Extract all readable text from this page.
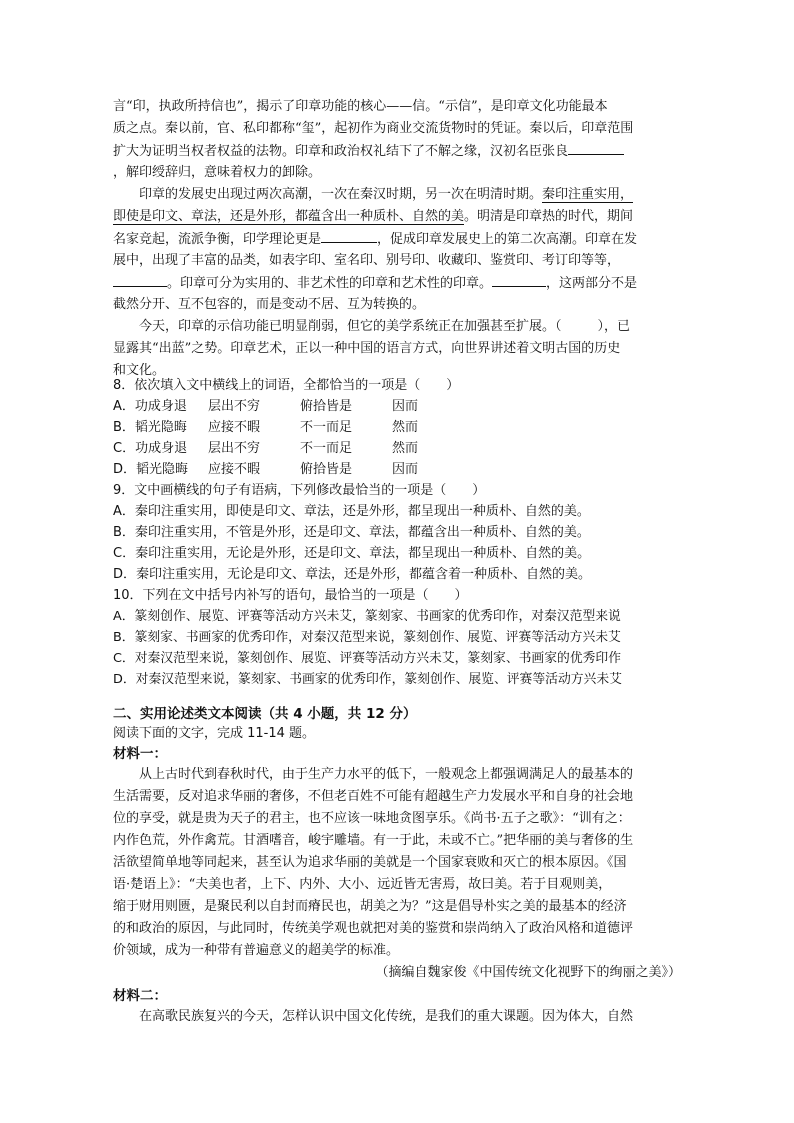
言“印，执政所持信也”，揭示了印章功能的核心——信。“示信”，是印章文化功能最本

质之点。秦以前，官、私印都称“玺”，起初作为商业交流货物时的凭证。秦以后，印章范围

扩大为证明当权者权益的法物。印章和政治权礼结下了不解之缘，汉初名臣张良

，解印绶辞归，意味着权力的卸除。

印章的发展史出现过两次高潮，一次在秦汉时期，另一次在明清时期。秦印注重实用，

即使是印文、章法，还是外形，都蕴含出一种质朴、自然的美。明清是印章热的时代，期间

名家竞起，流派争衡，印学理论更是	，促成印章发展史上的第二次高潮。印章在发

展中，出现了丰富的品类，如表字印、室名印、别号印、收藏印、鉴赏印、考订印等等，

。印章可分为实用的、非艺术性的印章和艺术性的印章。	，这两部分不是

截然分开、互不包容的，而是变动不居、互为转换的。

今天，印章的示信功能已明显削弱，但它的美学系统正在加强甚至扩展。（	），已

显露其“出蓝”之势。印章艺术，正以一种中国的语言方式，向世界讲述着文明古国的历史

和文化。

8．依次填入文中横线上的词语，全都恰当的一项是（　　）

A．功成身退 层出不穷	俯拾皆是	因而

B．韬光隐晦 应接不暇	不一而足	然而

C．功成身退 层出不穷	不一而足	然而

D．韬光隐晦 应接不暇	俯拾皆是	因而

9．文中画横线的句子有语病，下列修改最恰当的一项是（　　）

A．秦印注重实用，即使是印文、章法，还是外形，都呈现出一种质朴、自然的美。

B．秦印注重实用，不管是外形，还是印文、章法，都蕴含出一种质朴、自然的美。

C．秦印注重实用，无论是外形，还是印文、章法，都呈现出一种质朴、自然的美。

D．秦印注重实用，无论是印文、章法，还是外形，都蕴含着一种质朴、自然的美。

10．下列在文中括号内补写的语句，最恰当的一项是（　　）

A．篆刻创作、展览、评赛等活动方兴未艾，篆刻家、书画家的优秀印作，对秦汉范型来说

B．篆刻家、书画家的优秀印作，对秦汉范型来说，篆刻创作、展览、评赛等活动方兴未艾

C．对秦汉范型来说，篆刻创作、展览、评赛等活动方兴未艾，篆刻家、书画家的优秀印作

D．对秦汉范型来说，篆刻家、书画家的优秀印作，篆刻创作、展览、评赛等活动方兴未艾

二、实用论述类文本阅读（共 4 小题，共 12 分）

阅读下面的文字，完成 11-14 题。

材料一：

从上古时代到春秋时代，由于生产力水平的低下，一般观念上都强调满足人的最基本的

生活需要，反对追求华丽的奢侈，不但老百姓不可能有超越生产力发展水平和自身的社会地

位的享受，就是贵为天子的君主，也不应该一味地贪图享乐。《尚书·五子之歌》：“训有之：

内作色荒，外作禽荒。甘酒嗜音，峻宇雕墙。有一于此，未或不亡。”把华丽的美与奢侈的生

活欲望简单地等同起来，甚至认为追求华丽的美就是一个国家衰败和灭亡的根本原因。《国

语·楚语上》：“夫美也者，上下、内外、大小、远近皆无害焉，故曰美。若于目观则美，

缩于财用则匮，是聚民利以自封而瘠民也，胡美之为？”这是倡导朴实之美的最基本的经济

的和政治的原因，与此同时，传统美学观也就把对美的鉴赏和崇尚纳入了政治风格和道德评

价领域，成为一种带有普遍意义的超美学的标准。

（摘编自魏家俊《中国传统文化视野下的绚丽之美》）

材料二：

在高歌民族复兴的今天，怎样认识中国文化传统，是我们的重大课题。因为体大，自然
